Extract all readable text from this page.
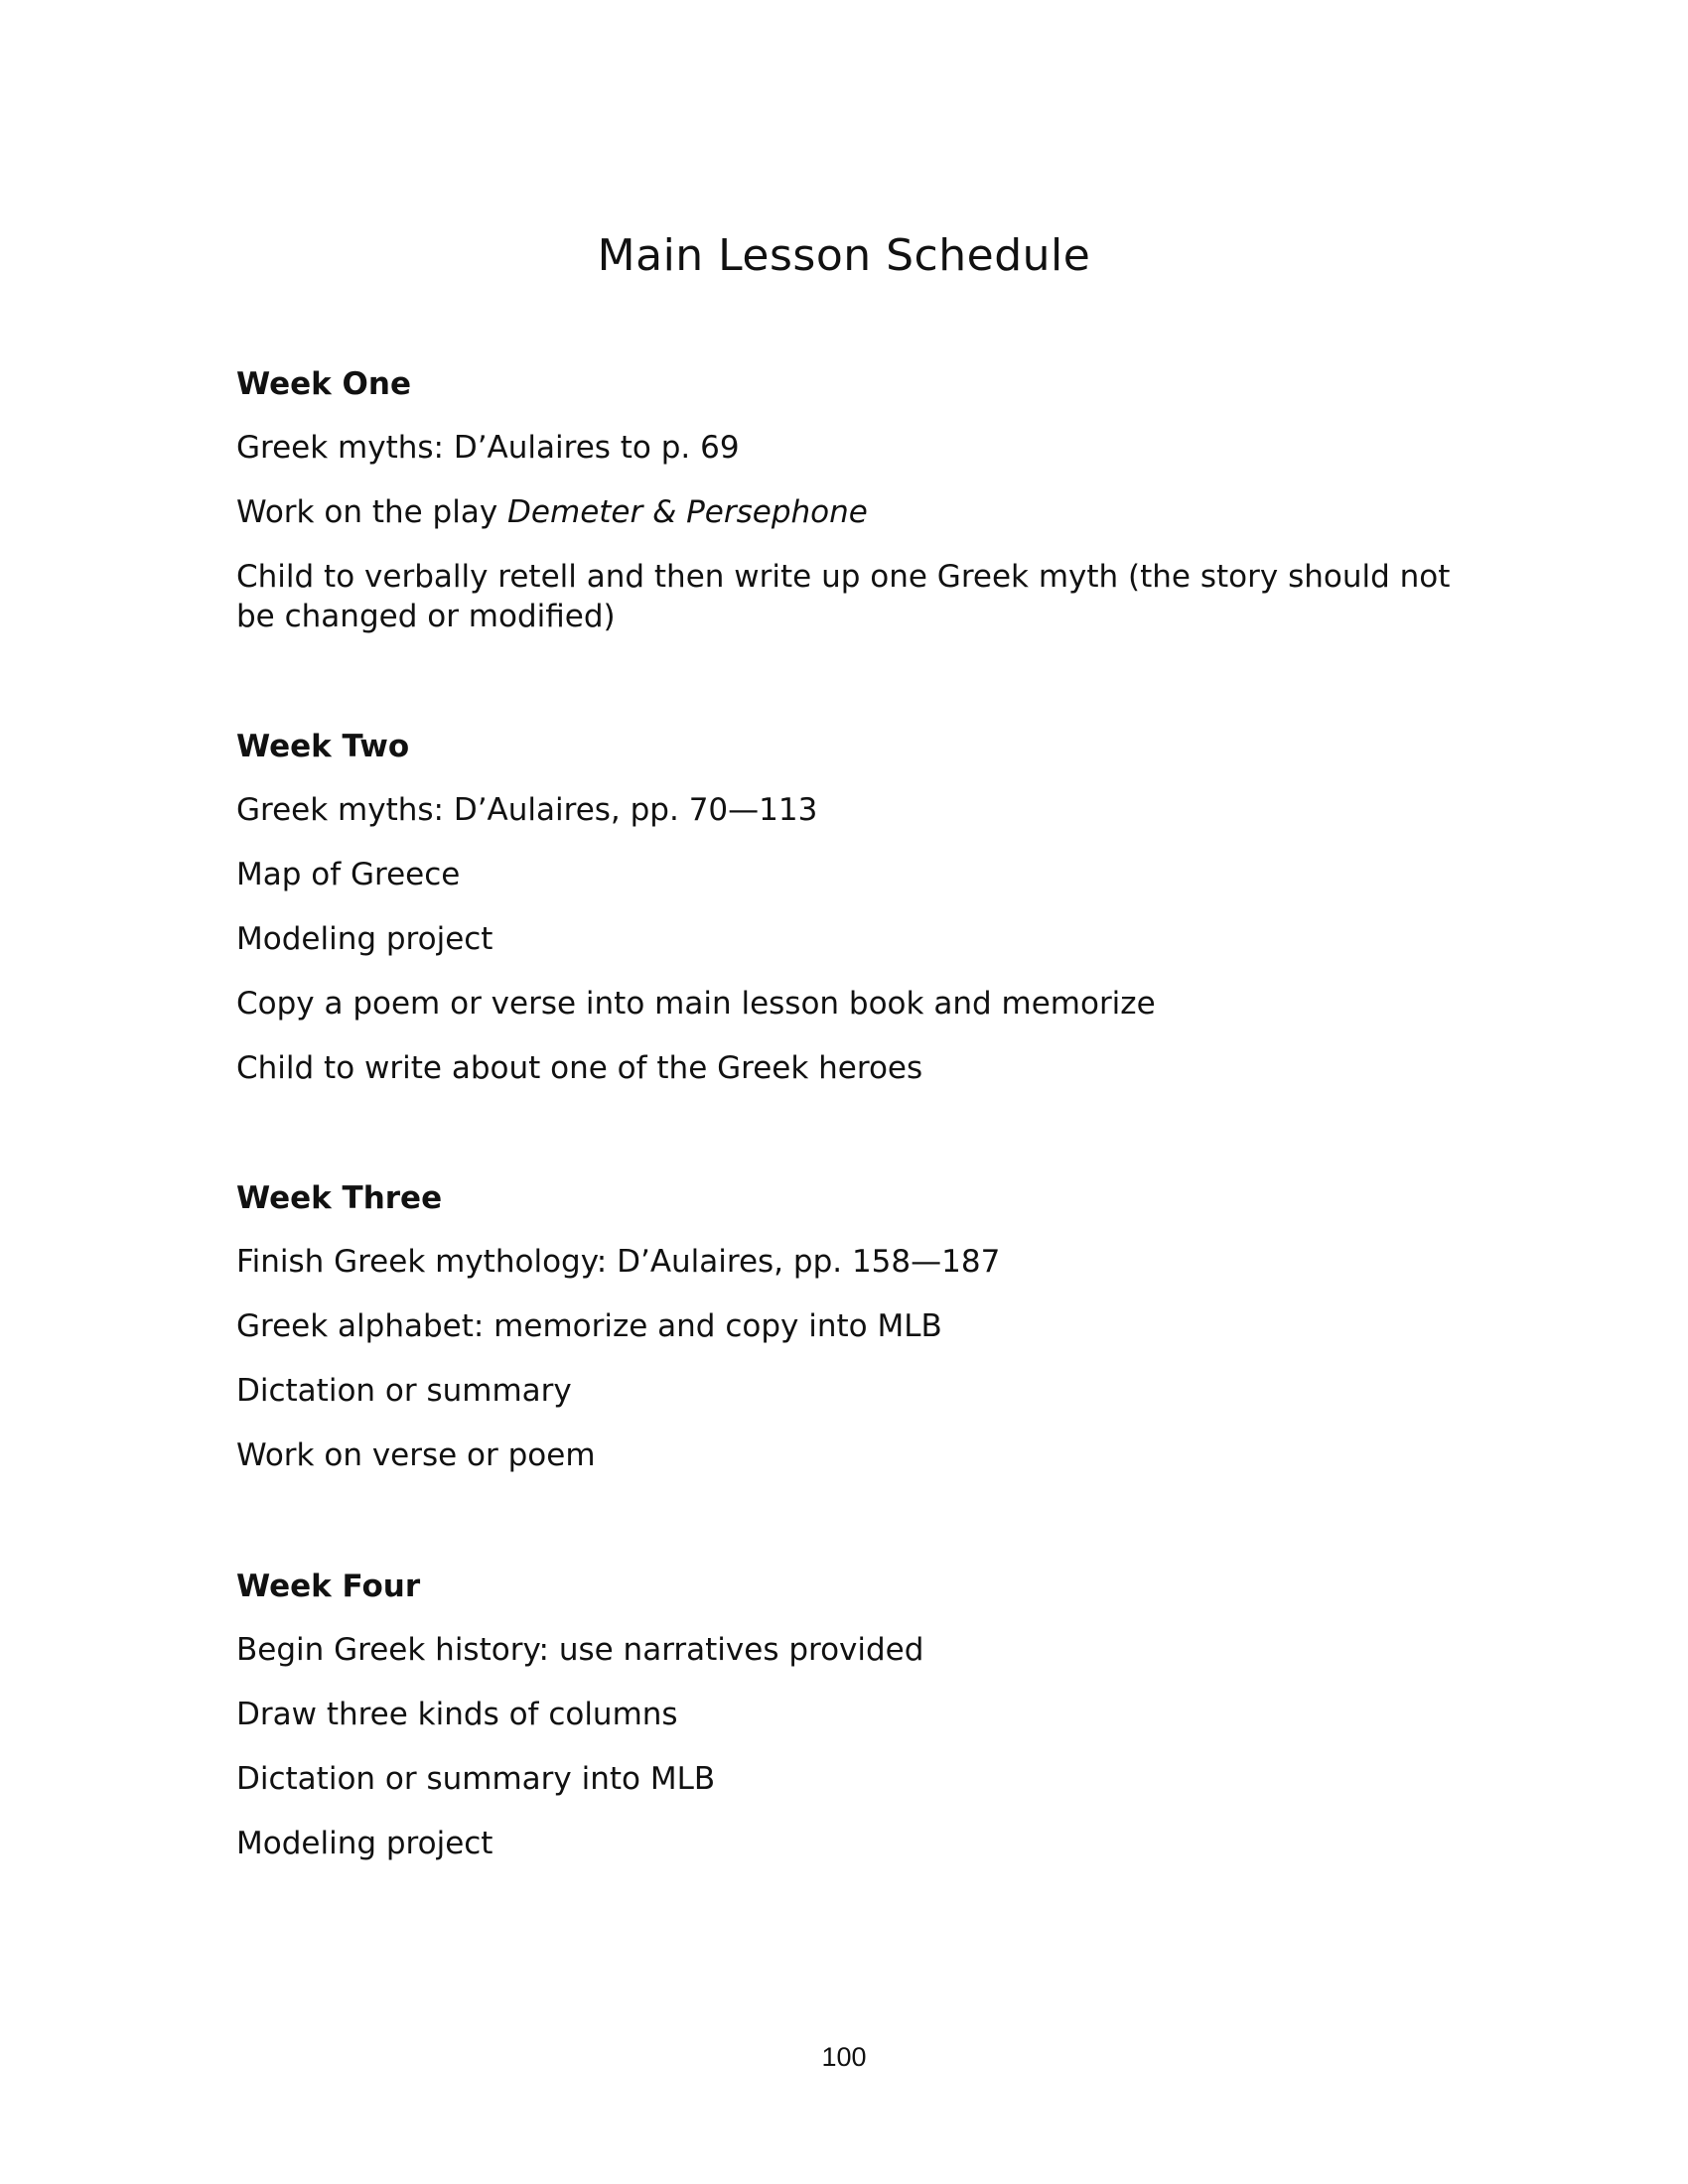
Main Lesson Schedule
Week One
Greek myths: D’Aulaires to p. 69
Work on the play Demeter & Persephone
Child to verbally retell and then write up one Greek myth (the story should not be changed or modified)
Week Two
Greek myths: D’Aulaires, pp. 70—113
Map of Greece
Modeling project
Copy a poem or verse into main lesson book and memorize
Child to write about one of the Greek heroes
Week Three
Finish Greek mythology: D’Aulaires, pp. 158—187
Greek alphabet: memorize and copy into MLB
Dictation or summary
Work on verse or poem
Week Four
Begin Greek history: use narratives provided
Draw three kinds of columns
Dictation or summary into MLB
Modeling project
100
